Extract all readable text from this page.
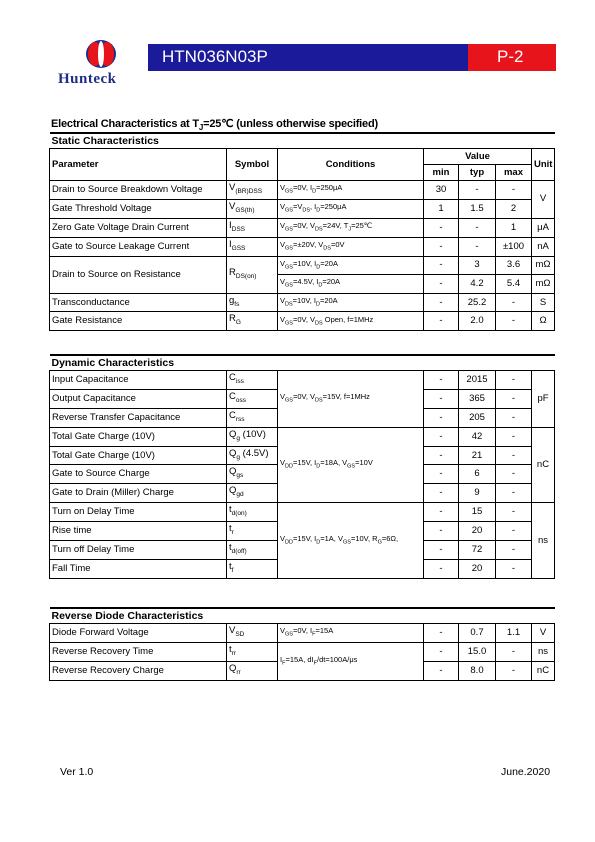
Hunteck
HTN036N03P	P-2
Electrical Characteristics at $T_J=25℃$ (unless otherwise specified)
Static Characteristics						
Parameter	Symbol	Conditions	Value			Unit
			min	typ	max	
Drain to Source Breakdown Voltage	$V_{(BR)DSS}$	$V_{GS}=0V$, $I_D=250\mu A$	30	-	-	V
Gate Threshold Voltage	$V_{GS(th)}$	$V_{GS}=V_{DS}$, $I_D=250\mu A$	1	1.5	2	
Zero Gate Voltage Drain Current	$I_{DSS}$	$V_{GS}=0V$, $V_{DS}=24V$, $T_J=25℃$	-	-	1	μA
Gate to Source Leakage Current	$I_{GSS}$	$V_{GS}=\pm 20V$, $V_{DS}=0V$	-	-	±100	nA
Drain to Source on Resistance	$R_{DS(on)}$	$V_{GS}=10V$, $I_D=20A$	-	3	3.6	mΩ
		$V_{GS}=4.5V$, $I_D=20A$	-	4.2	5.4	mΩ
Transconductance	$g_{fs}$	$V_{DS}=10V$, $I_D=20A$	-	25.2	-	S
Gate Resistance	$R_G$	$V_{GS}=0V$, $V_{DS}$ Open, f=1MHz	-	2.0	-	Ω
Dynamic Characteristics						
Input Capacitance	$C_{iss}$	$V_{GS}=0V$, $V_{DS}=15V$, f=1MHz	-	2015	-	pF
Output Capacitance	$C_{oss}$		-	365	-	
Reverse Transfer Capacitance	$C_{rss}$		-	205	-	
Total Gate Charge (10V)	$Q_g$ (10V)	$V_{DD}=15V$, $I_D=18A$, $V_{GS}=10V$	-	42	-	nC
Total Gate Charge (10V)	$Q_g$ (4.5V)		-	21	-	
Gate to Source Charge	$Q_{gs}$		-	6	-	
Gate to Drain (Miller) Charge	$Q_{gd}$		-	9	-	
Turn on Delay Time	$t_{d(on)}$	$V_{DD}=15V$, $I_D=1A$, $V_{GS}=10V$, $R_G=6\Omega$,	-	15	-	ns
Rise time	$t_r$		-	20	-	
Turn off Delay Time	$t_{d(off)}$		-	72	-	
Fall Time	$t_f$		-	20	-	
Reverse Diode Characteristics						
Diode Forward Voltage	$V_{SD}$	$V_{GS}=0V$, $I_F=15A$	-	0.7	1.1	V
Reverse Recovery Time	$t_{rr}$	$I_F=15A$, $dI_F/dt=100A/\mu s$	-	15.0	-	ns
Reverse Recovery Charge	$Q_{rr}$		-	8.0	-	nC
Ver 1.0	June.2020
